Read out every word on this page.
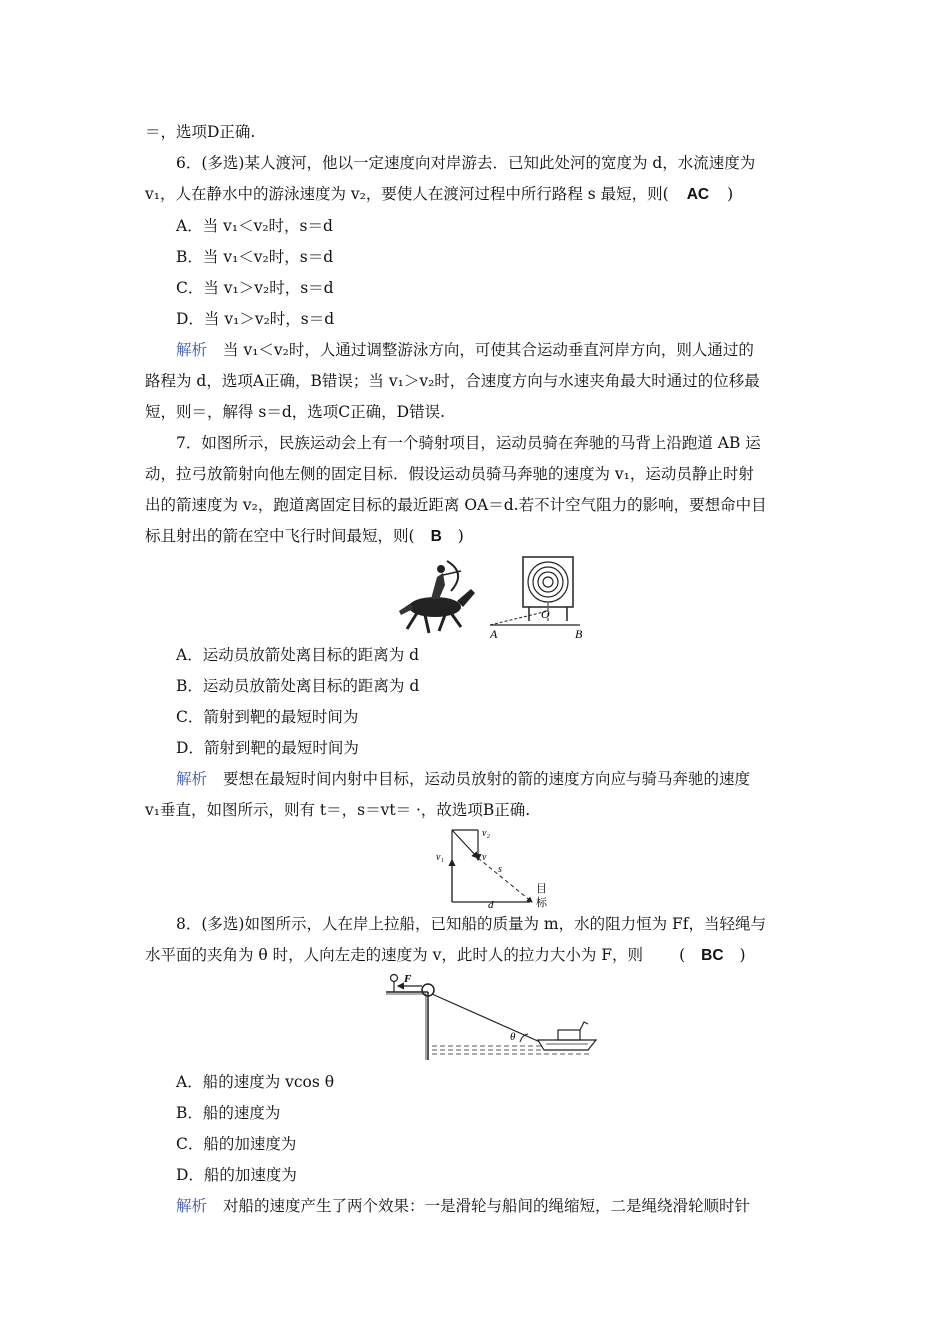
＝，选项D正确.
6．(多选)某人渡河，他以一定速度向对岸游去．已知此处河的宽度为 d，水流速度为
v₁，人在静水中的游泳速度为 v₂，要使人在渡河过程中所行路程 s 最短，则( AC )
A．当 v₁＜v₂时，s＝d
B．当 v₁＜v₂时，s＝d
C．当 v₁＞v₂时，s＝d
D．当 v₁＞v₂时，s＝d
解析 当 v₁＜v₂时，人通过调整游泳方向，可使其合运动垂直河岸方向，则人通过的
路程为 d，选项A正确，B错误；当 v₁＞v₂时，合速度方向与水速夹角最大时通过的位移最
短，则＝，解得 s＝d，选项C正确，D错误.
7．如图所示，民族运动会上有一个骑射项目，运动员骑在奔驰的马背上沿跑道 AB 运
动，拉弓放箭射向他左侧的固定目标．假设运动员骑马奔驰的速度为 v₁，运动员静止时射
出的箭速度为 v₂，跑道离固定目标的最近距离 OA＝d.若不计空气阻力的影响，要想命中目
标且射出的箭在空中飞行时间最短，则( B )
O
A	B
A．运动员放箭处离目标的距离为 d
B．运动员放箭处离目标的距离为 d
C．箭射到靶的最短时间为
D．箭射到靶的最短时间为
解析 要想在最短时间内射中目标，运动员放射的箭的速度方向应与骑马奔驰的速度
v₁垂直，如图所示，则有 t＝，s＝vt＝ ·，故选项B正确.
v₂
v₁	v
s
d
目
标
8．(多选)如图所示，人在岸上拉船，已知船的质量为 m，水的阻力恒为 Ff，当轻绳与
水平面的夹角为 θ 时，人向左走的速度为 v，此时人的拉力大小为 F，则 ( BC )
F
θ
A．船的速度为 vcos θ
B．船的速度为
C．船的加速度为
D．船的加速度为
解析 对船的速度产生了两个效果：一是滑轮与船间的绳缩短，二是绳绕滑轮顺时针
